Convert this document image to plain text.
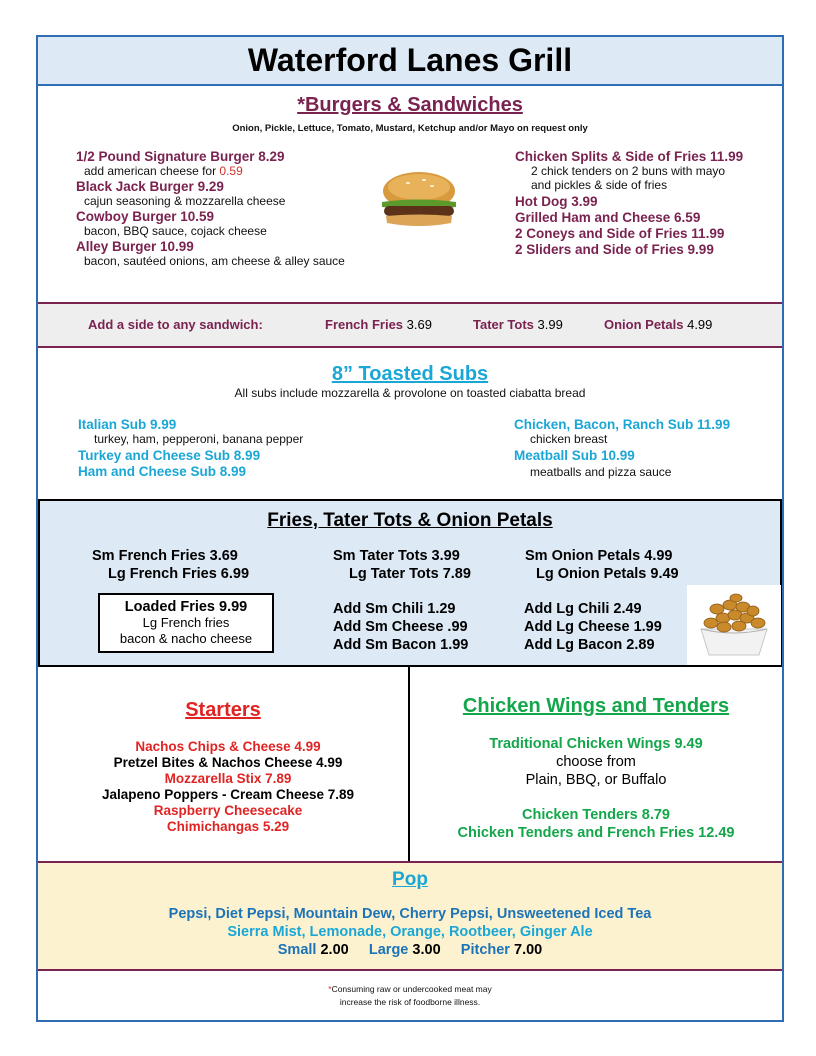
Waterford Lanes Grill
*Burgers & Sandwiches
Onion, Pickle, Lettuce, Tomato, Mustard, Ketchup and/or Mayo on request only
1/2 Pound Signature Burger 8.29
add american cheese for 0.59
Black Jack Burger 9.29
cajun seasoning & mozzarella cheese
Cowboy Burger 10.59
bacon, BBQ sauce, cojack cheese
Alley Burger 10.99
bacon, sautéed onions, am cheese & alley sauce
Chicken Splits & Side of Fries 11.99
2 chick tenders on 2 buns with mayo
and pickles & side of fries
Hot Dog 3.99
Grilled Ham and Cheese 6.59
2 Coneys and Side of Fries 11.99
2 Sliders and Side of Fries 9.99
Add a side to any sandwich:	French Fries 3.69	Tater Tots 3.99	Onion Petals 4.99
8” Toasted Subs
All subs include mozzarella & provolone on toasted ciabatta bread
Italian Sub 9.99
turkey, ham, pepperoni, banana pepper
Turkey and Cheese Sub 8.99
Ham and Cheese Sub 8.99
Chicken, Bacon, Ranch Sub 11.99
chicken breast
Meatball Sub 10.99
meatballs and pizza sauce
Fries, Tater Tots & Onion Petals
Sm French Fries 3.69
Lg French Fries 6.99
Sm Tater Tots 3.99
Lg Tater Tots 7.89
Sm Onion Petals 4.99
Lg Onion Petals 9.49
Loaded Fries 9.99
Lg French fries
bacon & nacho cheese
Add Sm Chili 1.29
Add Sm Cheese .99
Add Sm Bacon 1.99
Add Lg Chili 2.49
Add Lg Cheese 1.99
Add Lg Bacon 2.89
Starters
Nachos Chips & Cheese 4.99
Pretzel Bites & Nachos Cheese 4.99
Mozzarella Stix 7.89
Jalapeno Poppers - Cream Cheese 7.89
Raspberry Cheesecake
Chimichangas 5.29
Chicken Wings and Tenders
Traditional Chicken Wings 9.49
choose from
Plain, BBQ, or Buffalo
Chicken Tenders 8.79
Chicken Tenders and French Fries 12.49
Pop
Pepsi, Diet Pepsi, Mountain Dew, Cherry Pepsi, Unsweetened Iced Tea
Sierra Mist, Lemonade, Orange, Rootbeer, Ginger Ale
Small 2.00 Large 3.00 Pitcher 7.00
*Consuming raw or undercooked meat may
increase the risk of foodborne illness.
